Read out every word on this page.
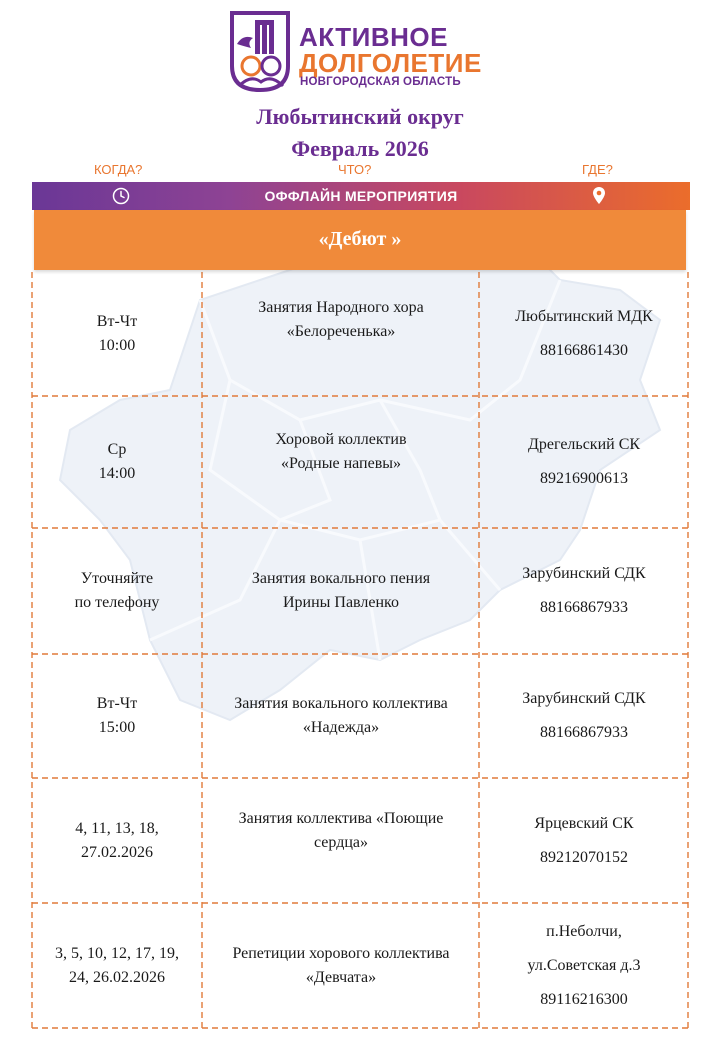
АКТИВНОЕ
ДОЛГОЛЕТИЕ
НОВГОРОДСКАЯ ОБЛАСТЬ
Любытинский округ
Февраль 2026
КОГДА?	ЧТО?	ГДЕ?
ОФФЛАЙН МЕРОПРИЯТИЯ
«Дебют »
Вт-Чт
10:00
Занятия Народного хора
«Белореченька»
Любытинский МДК
88166861430
Ср
14:00
Хоровой коллектив
«Родные напевы»
Дрегельский СК
89216900613
Уточняйте
по телефону
Занятия вокального пения
Ирины Павленко
Зарубинский СДК
88166867933
Вт-Чт
15:00
Занятия вокального коллектива
«Надежда»
Зарубинский СДК
88166867933
4, 11, 13, 18,
27.02.2026
Занятия коллектива «Поющие
сердца»
Ярцевский СК
89212070152
3, 5, 10, 12, 17, 19,
24, 26.02.2026
Репетиции хорового коллектива
«Девчата»
п.Неболчи,
ул.Советская д.3
89116216300
